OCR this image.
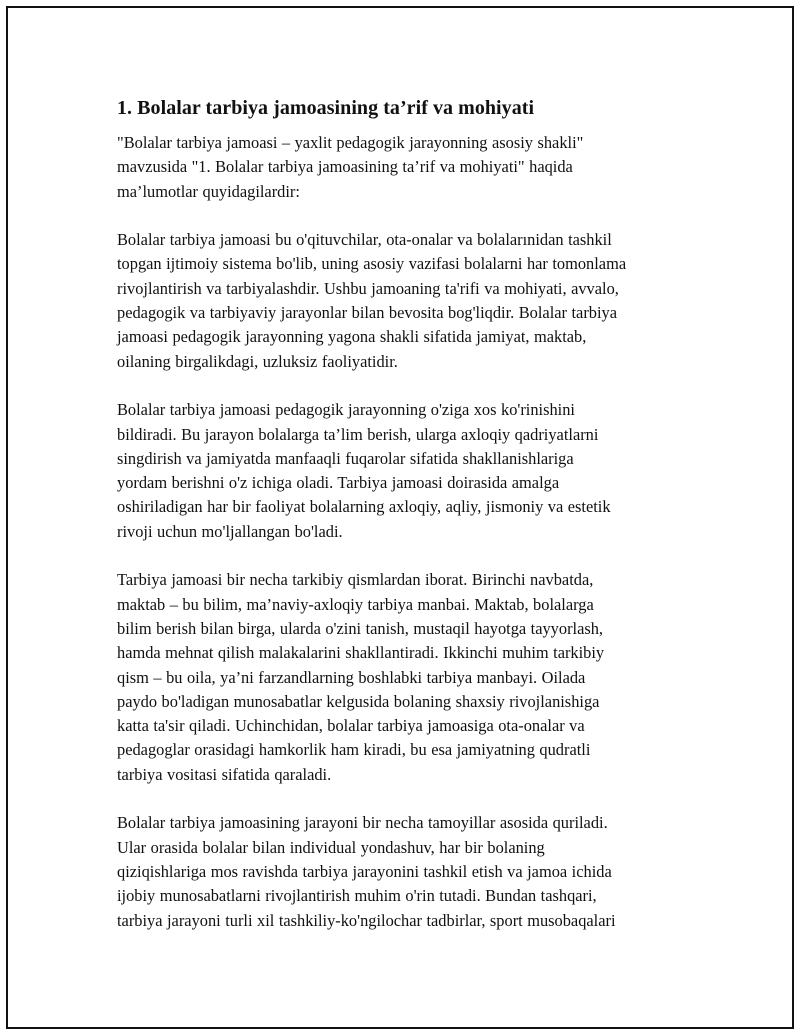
1. Bolalar tarbiya jamoasining ta’rif va mohiyati

"Bolalar tarbiya jamoasi – yaxlit pedagogik jarayonning asosiy shakli"
mavzusida "1. Bolalar tarbiya jamoasining ta’rif va mohiyati" haqida
ma’lumotlar quyidagilardir:

Bolalar tarbiya jamoasi bu o'qituvchilar, ota-onalar va bolalarınidan tashkil
topgan ijtimoiy sistema bo'lib, uning asosiy vazifasi bolalarni har tomonlama
rivojlantirish va tarbiyalashdir. Ushbu jamoaning ta'rifi va mohiyati, avvalo,
pedagogik va tarbiyaviy jarayonlar bilan bevosita bog'liqdir. Bolalar tarbiya
jamoasi pedagogik jarayonning yagona shakli sifatida jamiyat, maktab,
oilaning birgalikdagi, uzluksiz faoliyatidir.

Bolalar tarbiya jamoasi pedagogik jarayonning o'ziga xos ko'rinishini
bildiradi. Bu jarayon bolalarga ta’lim berish, ularga axloqiy qadriyatlarni
singdirish va jamiyatda manfaaqli fuqarolar sifatida shakllanishlariga
yordam berishni o'z ichiga oladi. Tarbiya jamoasi doirasida amalga
oshiriladigan har bir faoliyat bolalarning axloqiy, aqliy, jismoniy va estetik
rivoji uchun mo'ljallangan bo'ladi.

Tarbiya jamoasi bir necha tarkibiy qismlardan iborat. Birinchi navbatda,
maktab – bu bilim, ma’naviy-axloqiy tarbiya manbai. Maktab, bolalarga
bilim berish bilan birga, ularda o'zini tanish, mustaqil hayotga tayyorlash,
hamda mehnat qilish malakalarini shakllantiradi. Ikkinchi muhim tarkibiy
qism – bu oila, ya’ni farzandlarning boshlabki tarbiya manbayi. Oilada
paydo bo'ladigan munosabatlar kelgusida bolaning shaxsiy rivojlanishiga
katta ta'sir qiladi. Uchinchidan, bolalar tarbiya jamoasiga ota-onalar va
pedagoglar orasidagi hamkorlik ham kiradi, bu esa jamiyatning qudratli
tarbiya vositasi sifatida qaraladi.

Bolalar tarbiya jamoasining jarayoni bir necha tamoyillar asosida quriladi.
Ular orasida bolalar bilan individual yondashuv, har bir bolaning
qiziqishlariga mos ravishda tarbiya jarayonini tashkil etish va jamoa ichida
ijobiy munosabatlarni rivojlantirish muhim o'rin tutadi. Bundan tashqari,
tarbiya jarayoni turli xil tashkiliy-ko'ngilochar tadbirlar, sport musobaqalari
